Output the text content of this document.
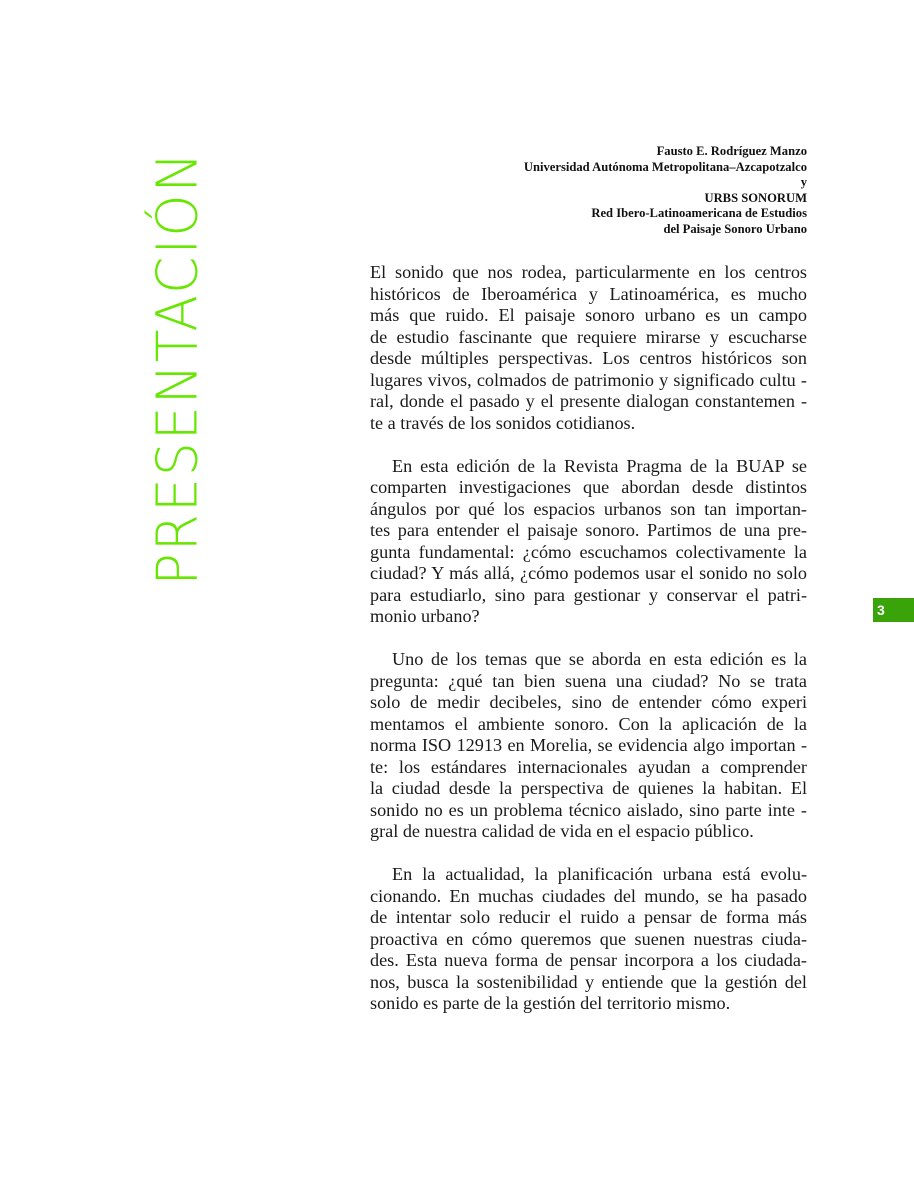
PRESENTACIÓN	Fausto E. Rodríguez Manzo
Universidad Autónoma Metropolitana–Azcapotzalco
y
URBS SONORUM
Red Ibero-Latinoamericana de Estudios
del Paisaje Sonoro Urbano
El sonido que nos rodea, particularmente en los centros
históricos de Iberoamérica y Latinoamérica, es mucho
más que ruido. El paisaje sonoro urbano es un campo
de estudio fascinante que requiere mirarse y escucharse
desde múltiples perspectivas. Los centros históricos son
lugares vivos, colmados de patrimonio y significado cultu -
ral, donde el pasado y el presente dialogan constantemen -
te a través de los sonidos cotidianos.
En esta edición de la Revista Pragma de la BUAP se
comparten investigaciones que abordan desde distintos
ángulos por qué los espacios urbanos son tan importan-
tes para entender el paisaje sonoro. Partimos de una pre-
gunta fundamental: ¿cómo escuchamos colectivamente la
ciudad? Y más allá, ¿cómo podemos usar el sonido no solo
para estudiarlo, sino para gestionar y conservar el patri-
monio urbano?
Uno de los temas que se aborda en esta edición es la
pregunta: ¿qué tan bien suena una ciudad? No se trata
solo de medir decibeles, sino de entender cómo experi
mentamos el ambiente sonoro. Con la aplicación de la
norma ISO 12913 en Morelia, se evidencia algo importan -
te: los estándares internacionales ayudan a comprender
la ciudad desde la perspectiva de quienes la habitan. El
sonido no es un problema técnico aislado, sino parte inte -
gral de nuestra calidad de vida en el espacio público.
En la actualidad, la planificación urbana está evolu-
cionando. En muchas ciudades del mundo, se ha pasado
de intentar solo reducir el ruido a pensar de forma más
proactiva en cómo queremos que suenen nuestras ciuda-
des. Esta nueva forma de pensar incorpora a los ciudada-
nos, busca la sostenibilidad y entiende que la gestión del
sonido es parte de la gestión del territorio mismo.
3
